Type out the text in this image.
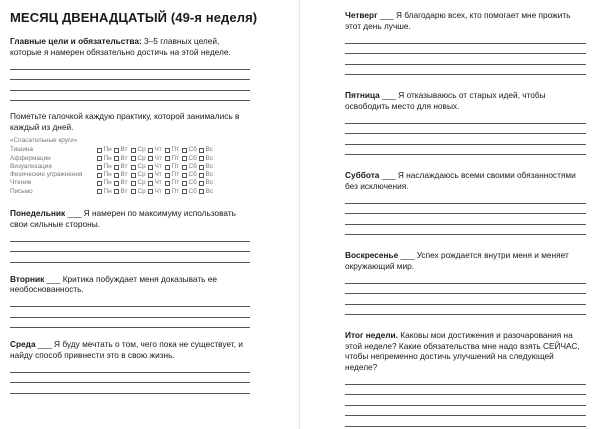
МЕСЯЦ ДВЕНАДЦАТЫЙ (49-я неделя)
Главные цели и обязательства: 3–5 главных целей, которые я намерен обязательно достичь на этой неделе.
Пометьте галочкой каждую практику, которой занимались в каждый из дней.
«Спасательные круги»
Тишина	Пн Вт Ср Чт Пт Сб Вс
Аффирмации	Пн Вт Ср Чт Пт Сб Вс
Визуализация	Пн Вт Ср Чт Пт Сб Вс
Физические упражнения	Пн Вт Ср Чт Пт Сб Вс
Чтение	Пн Вт Ср Чт Пт Сб Вс
Письмо	Пн Вт Ср Чт Пт Сб Вс
Понедельник ___ Я намерен по максимуму использовать свои сильные стороны.
Вторник ___ Критика побуждает меня доказывать ее необоснованность.
Среда ___ Я буду мечтать о том, чего пока не существует, и найду способ привнести это в свою жизнь.
Четверг ___ Я благодарю всех, кто помогает мне прожить этот день лучше.
Пятница ___ Я отказываюсь от старых идей, чтобы освободить место для новых.
Суббота ___ Я наслаждаюсь всеми своими обязанностями без исключения.
Воскресенье ___ Успех рождается внутри меня и меняет окружающий мир.
Итог недели. Каковы мои достижения и разочарования на этой неделе? Какие обязательства мне надо взять СЕЙЧАС, чтобы непременно достичь улучшений на следующей неделе?
